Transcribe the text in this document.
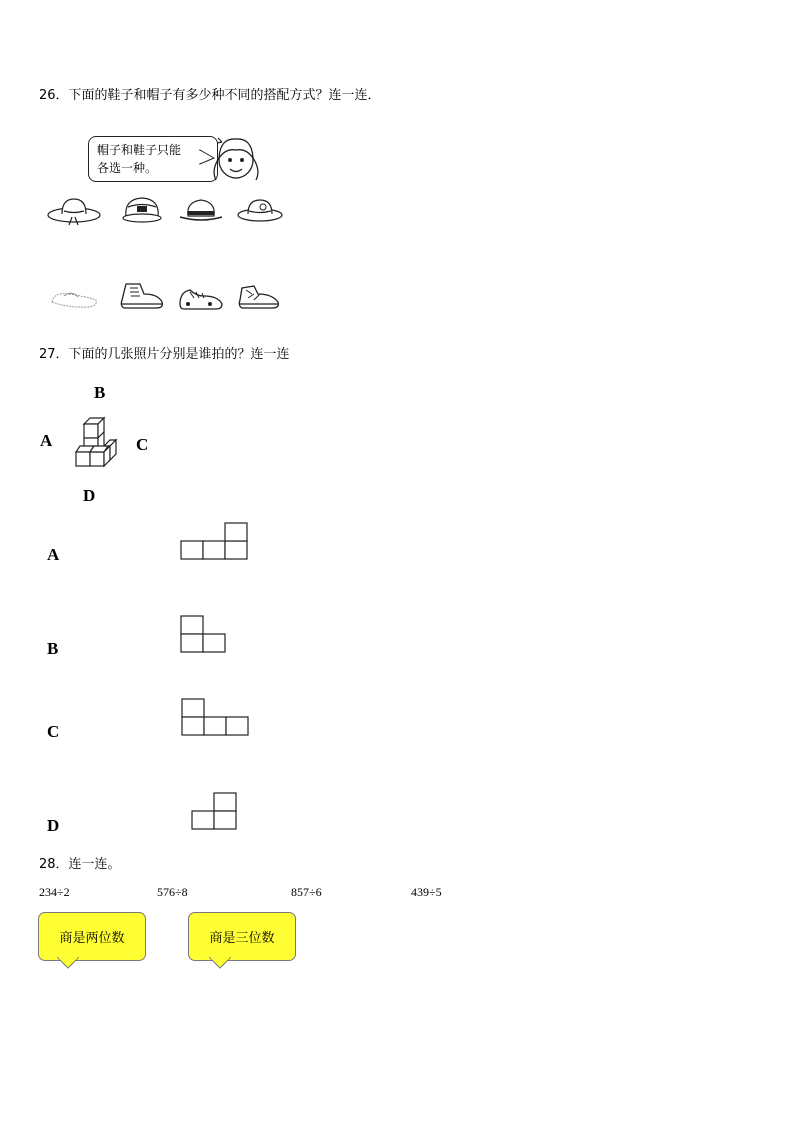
26．下面的鞋子和帽子有多少种不同的搭配方式？连一连．
帽子和鞋子只能
各选一种。
27．下面的几张照片分别是谁拍的？连一连
B
A	C
D
A
B
C
D
28．连一连。
234÷2	576÷8	857÷6	439÷5
商是两位数	商是三位数
